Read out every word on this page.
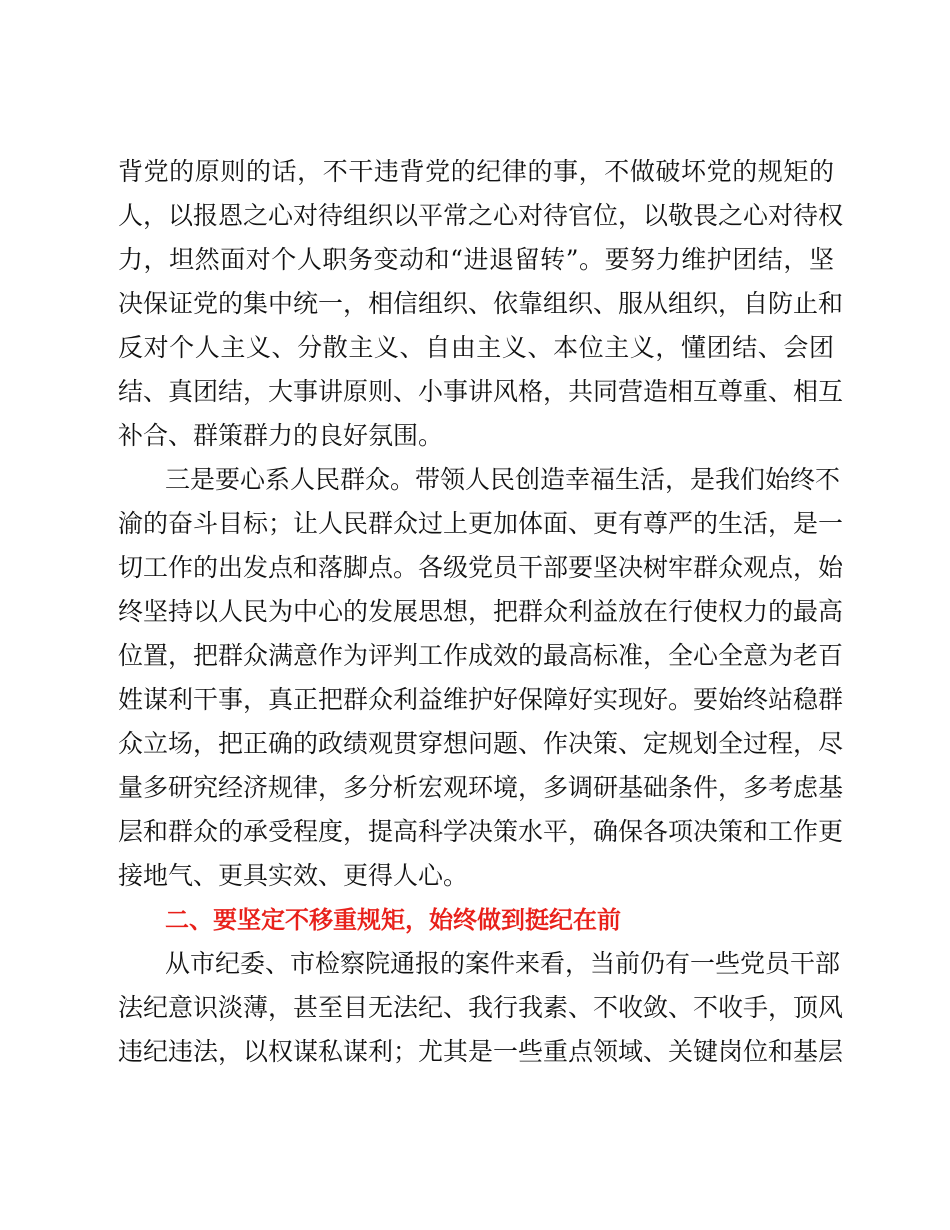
背党的原则的话，不干违背党的纪律的事，不做破坏党的规矩的
人，以报恩之心对待组织以平常之心对待官位，以敬畏之心对待权
力，坦然面对个人职务变动和“进退留转”。要努力维护团结，坚
决保证党的集中统一，相信组织、依靠组织、服从组织，自防止和
反对个人主义、分散主义、自由主义、本位主义，懂团结、会团
结、真团结，大事讲原则、小事讲风格，共同营造相互尊重、相互
补合、群策群力的良好氛围。
三是要心系人民群众。带领人民创造幸福生活，是我们始终不
渝的奋斗目标；让人民群众过上更加体面、更有尊严的生活，是一
切工作的出发点和落脚点。各级党员干部要坚决树牢群众观点，始
终坚持以人民为中心的发展思想，把群众利益放在行使权力的最高
位置，把群众满意作为评判工作成效的最高标准，全心全意为老百
姓谋利干事，真正把群众利益维护好保障好实现好。要始终站稳群
众立场，把正确的政绩观贯穿想问题、作决策、定规划全过程，尽
量多研究经济规律，多分析宏观环境，多调研基础条件，多考虑基
层和群众的承受程度，提高科学决策水平，确保各项决策和工作更
接地气、更具实效、更得人心。
二、要坚定不移重规矩，始终做到挺纪在前
从市纪委、市检察院通报的案件来看，当前仍有一些党员干部
法纪意识淡薄，甚至目无法纪、我行我素、不收敛、不收手，顶风
违纪违法，以权谋私谋利；尤其是一些重点领域、关键岗位和基层
